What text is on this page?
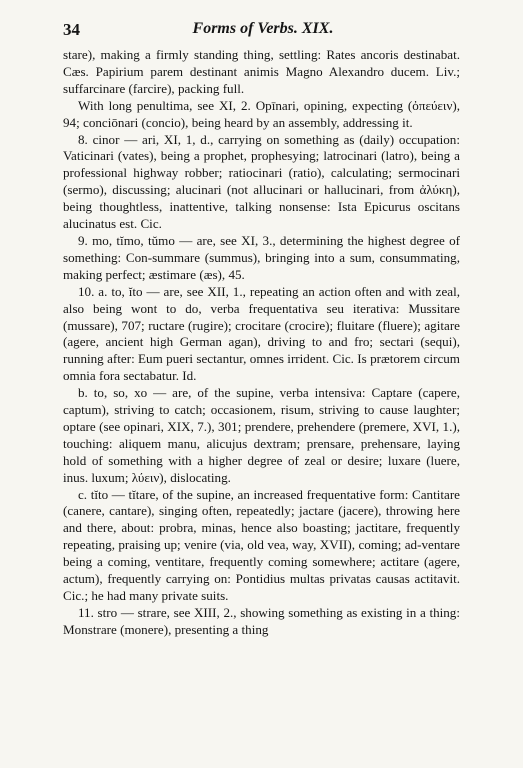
34	Forms of Verbs. XIX.

stare), making a firmly standing thing, settling: Rates ancoris destinabat. Cæs. Papirium parem destinant animis Magno Alexandro ducem. Liv.; suffarcinare (farcire), packing full.

With long penultima, see XI, 2. Opīnari, opining, expecting (ὀπεύειν), 94; conciōnari (concio), being heard by an assembly, addressing it.

8. cinor — ari, XI, 1, d., carrying on something as (daily) occupation: Vaticinari (vates), being a prophet, prophesying; latrocinari (latro), being a professional highway robber; ratiocinari (ratio), calculating; sermocinari (sermo), discussing; alucinari (not allucinari or hallucinari, from ἀλύκη), being thoughtless, inattentive, talking nonsense: Ista Epicurus oscitans alucinatus est. Cic.

9. mo, tĭmo, tŭmo — are, see XI, 3., determining the highest degree of something: Con-summare (summus), bringing into a sum, consummating, making perfect; æstimare (æs), 45.

10. a. to, ĭto — are, see XII, 1., repeating an action often and with zeal, also being wont to do, verba frequentativa seu iterativa: Mussitare (mussare), 707; ructare (rugire); crocitare (crocire); fluitare (fluere); agitare (agere, ancient high German agan), driving to and fro; sectari (sequi), running after: Eum pueri sectantur, omnes irrident. Cic. Is prætorem circum omnia fora sectabatur. Id.

b. to, so, xo — are, of the supine, verba intensiva: Captare (capere, captum), striving to catch; occasionem, risum, striving to cause laughter; optare (see opinari, XIX, 7.), 301; prendere, prehendere (premere, XVI, 1.), touching: aliquem manu, alicujus dextram; prensare, prehensare, laying hold of something with a higher degree of zeal or desire; luxare (luere, inus. luxum; λύειν), dislocating.

c. tĭto — tĭtare, of the supine, an increased frequentative form: Cantitare (canere, cantare), singing often, repeatedly; jactare (jacere), throwing here and there, about: probra, minas, hence also boasting; jactitare, frequently repeating, praising up; venire (via, old vea, way, XVII), coming; ad-ventare being a coming, ventitare, frequently coming somewhere; actitare (agere, actum), frequently carrying on: Pontidius multas privatas causas actitavit. Cic.; he had many private suits.

11. stro — strare, see XIII, 2., showing something as existing in a thing: Monstrare (monere), presenting a thing
